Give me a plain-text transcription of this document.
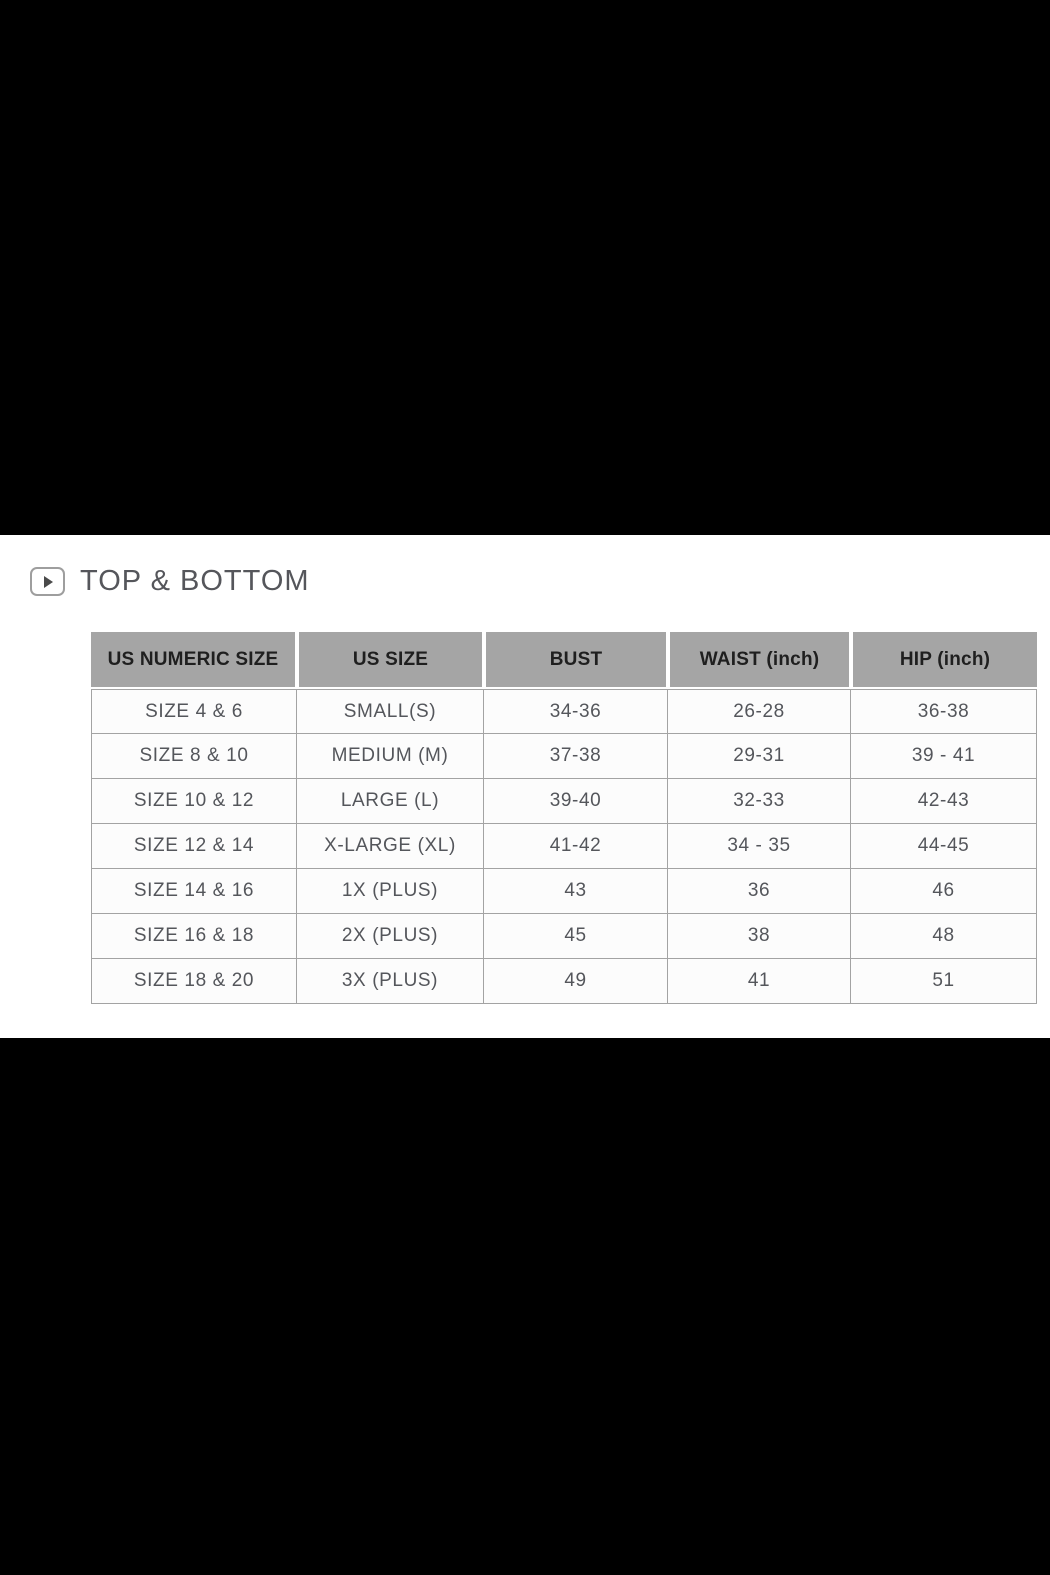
TOP & BOTTOM
US NUMERIC SIZE	US SIZE	BUST	WAIST (inch)	HIP (inch)
SIZE 4 & 6	SMALL(S)	34-36	26-28	36-38
SIZE 8 & 10	MEDIUM (M)	37-38	29-31	39 - 41
SIZE 10 & 12	LARGE (L)	39-40	32-33	42-43
SIZE 12 & 14	X-LARGE (XL)	41-42	34 - 35	44-45
SIZE 14 & 16	1X (PLUS)	43	36	46
SIZE 16 & 18	2X (PLUS)	45	38	48
SIZE 18 & 20	3X (PLUS)	49	41	51
